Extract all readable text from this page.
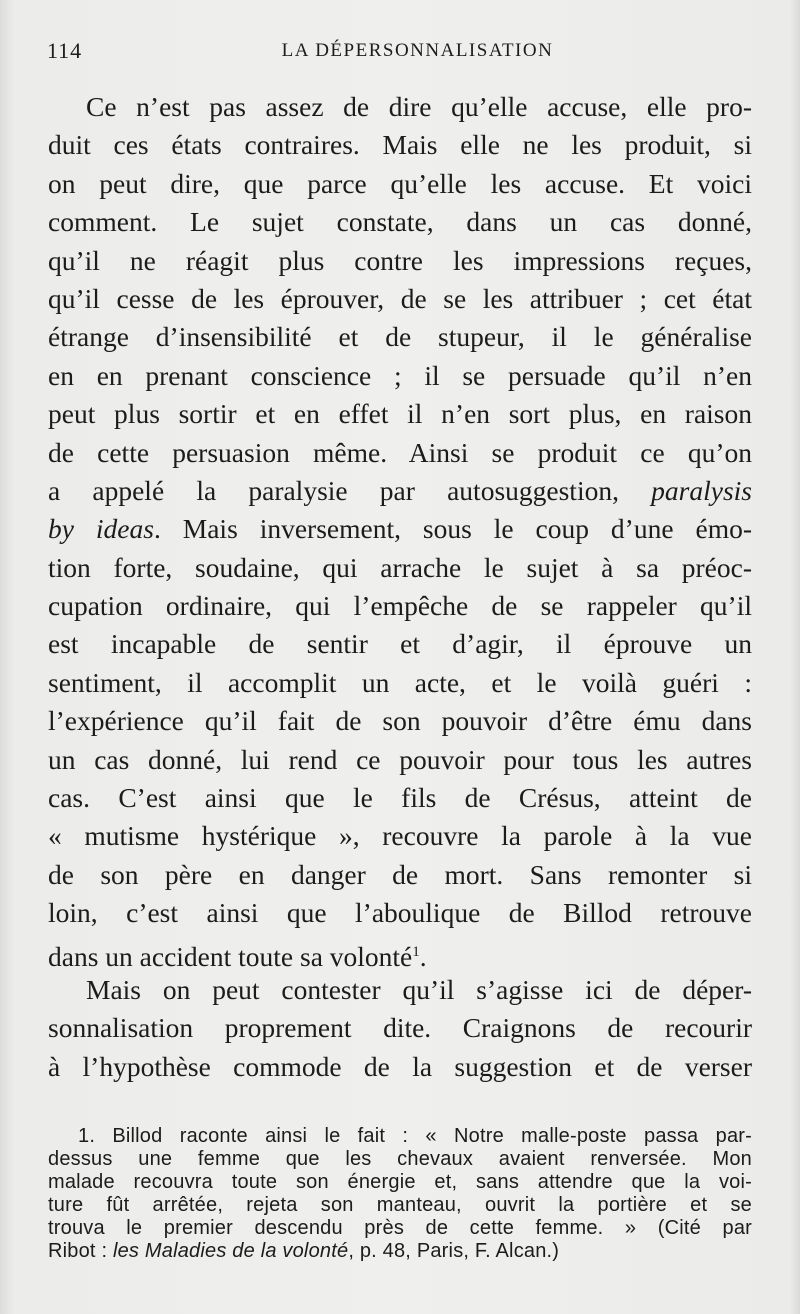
114	LA DÉPERSONNALISATION
Ce n’est pas assez de dire qu’elle accuse, elle pro-
duit ces états contraires. Mais elle ne les produit, si
on peut dire, que parce qu’elle les accuse. Et voici
comment. Le sujet constate, dans un cas donné,
qu’il ne réagit plus contre les impressions reçues,
qu’il cesse de les éprouver, de se les attribuer ; cet état
étrange d’insensibilité et de stupeur, il le généralise
en en prenant conscience ; il se persuade qu’il n’en
peut plus sortir et en effet il n’en sort plus, en raison
de cette persuasion même. Ainsi se produit ce qu’on
a appelé la paralysie par autosuggestion, paralysis
by ideas. Mais inversement, sous le coup d’une émo-
tion forte, soudaine, qui arrache le sujet à sa préoc-
cupation ordinaire, qui l’empêche de se rappeler qu’il
est incapable de sentir et d’agir, il éprouve un
sentiment, il accomplit un acte, et le voilà guéri :
l’expérience qu’il fait de son pouvoir d’être ému dans
un cas donné, lui rend ce pouvoir pour tous les autres
cas. C’est ainsi que le fils de Crésus, atteint de
« mutisme hystérique », recouvre la parole à la vue
de son père en danger de mort. Sans remonter si
loin, c’est ainsi que l’aboulique de Billod retrouve
dans un accident toute sa volonté$^1$.
Mais on peut contester qu’il s’agisse ici de déper-
sonnalisation proprement dite. Craignons de recourir
à l’hypothèse commode de la suggestion et de verser
1. Billod raconte ainsi le fait : « Notre malle-poste passa par-
dessus une femme que les chevaux avaient renversée. Mon
malade recouvra toute son énergie et, sans attendre que la voi-
ture fût arrêtée, rejeta son manteau, ouvrit la portière et se
trouva le premier descendu près de cette femme. » (Cité par
Ribot : les Maladies de la volonté, p. 48, Paris, F. Alcan.)
